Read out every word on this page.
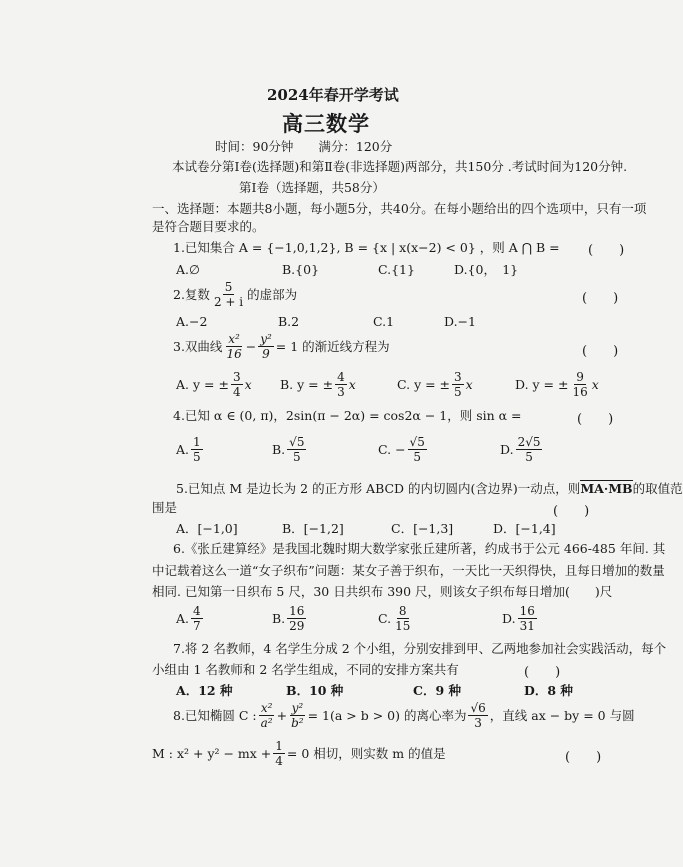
2024年春开学考试
高三数学
时间：90分钟　　满分：120分
本试卷分第Ⅰ卷(选择题)和第Ⅱ卷(非选择题)两部分，共150分 .考试时间为120分钟.
第Ⅰ卷（选择题，共58分）
一、选择题：本题共8小题，每小题5分，共40分。在每小题给出的四个选项中，只有一项
是符合题目要求的。
1.已知集合 A = {−1,0,1,2}, B = {x | x(x−2) < 0} ，则 A ⋂ B = (　　)
A.∅	B.{0}	C.{1}	D.{0，　1}
2.复数 $\frac{5}{2 + i}$ 的虚部为	(　　)
A.−2	B.2	C.1	D.−1
3.双曲线 $\frac{\text{x²}}{16} - \frac{\text{y²}}{9} = 1$ 的渐近线方程为	(　　)
A. y = ± $\frac{3}{4}$ x B. y = ± $\frac{4}{3}$ x	C. y = ± $\frac{3}{5}$ x	D. y = ± $\frac{9}{16}$ x
4.已知 α ∈ (0, π)，2sin(π − 2α) = cos2α − 1，则 sin α =	(　　)
A. $\frac{1}{5}$	B. $\frac{√5}{5}$	C. − $\frac{√5}{5}$	D. $\frac{2√5}{5}$
5.已知点 M 是边长为 2 的正方形 ABCD 的内切圆内(含边界)一动点，则MA·MB的取值范
围是	(　　)
A．[−1,0]	B．[−1,2]	C．[−1,3]	D．[−1,4]
6.《张丘建算经》是我国北魏时期大数学家张丘建所著，约成书于公元 466-485 年间. 其
中记载着这么一道“女子织布”问题：某女子善于织布，一天比一天织得快，且每日增加的数量
相同. 已知第一日织布 5 尺，30 日共织布 390 尺，则该女子织布每日增加(　　)尺
A. $\frac{4}{7}$	B. $\frac{16}{29}$	C. $\frac{8}{15}$	D. $\frac{16}{31}$
7.将 2 名教师，4 名学生分成 2 个小组，分别安排到甲、乙两地参加社会实践活动，每个
小组由 1 名教师和 2 名学生组成，不同的安排方案共有	(　　)
A．12 种	B．10 种	C．9 种	D．8 种
8.已知椭圆 C : $\frac{\text{x²}}{\text{a²}} + \frac{\text{y²}}{\text{b²}} = 1(a > b > 0)$ 的离心率为 $\frac{√6}{3}$ ，直线 ax − by = 0 与圆
M : x² + y² − mx + $\frac{1}{4} = 0$ 相切，则实数 m 的值是	(　　)
